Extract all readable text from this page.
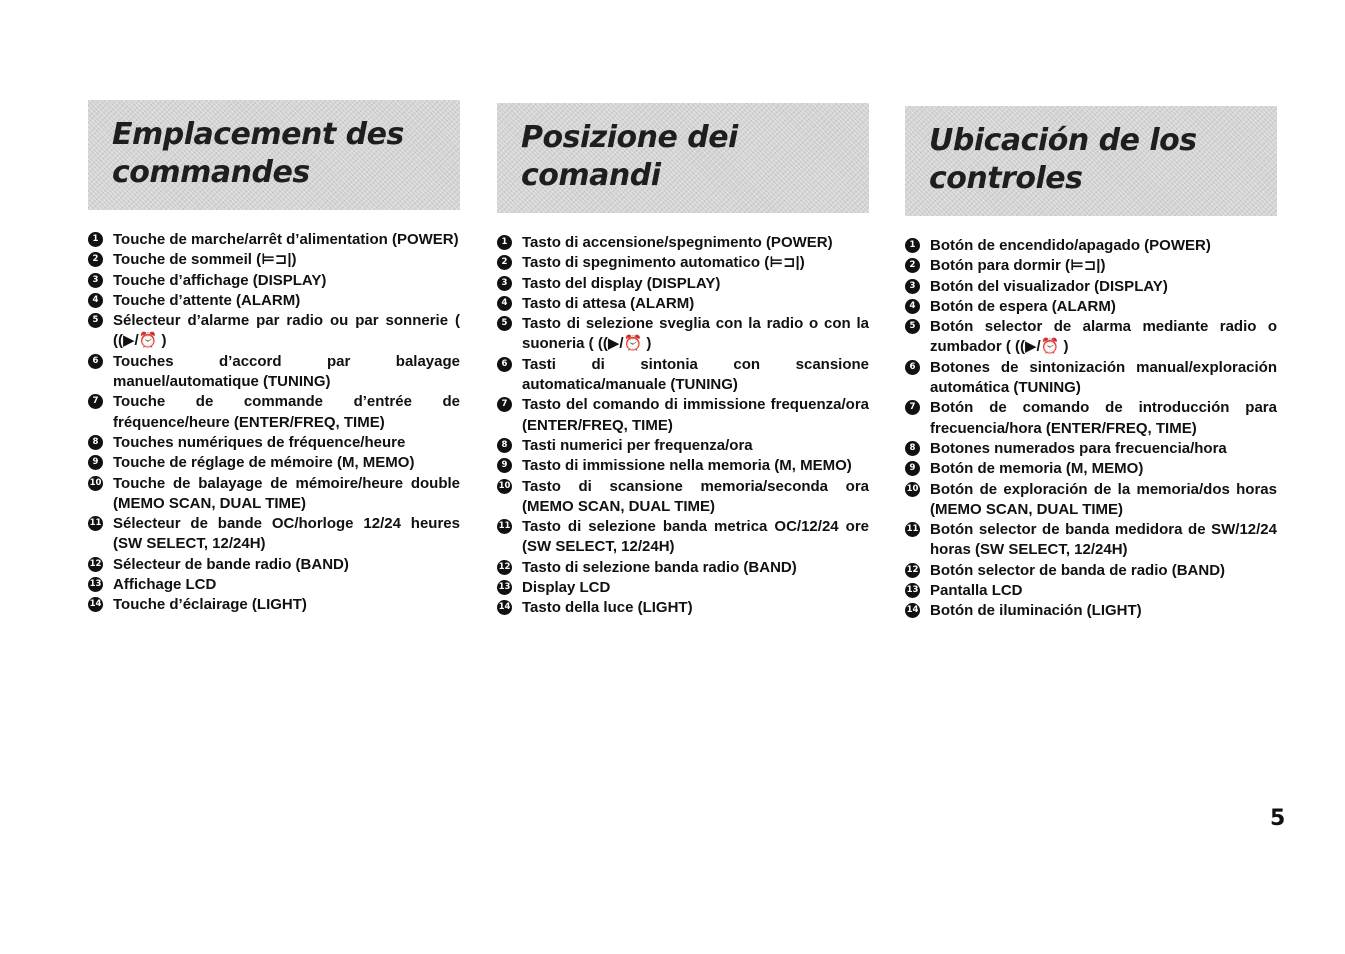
Emplacement des
commandes
1 Touche de marche/arrêt d’alimentation (POWER)
2 Touche de sommeil (⊨⊐|)
3 Touche d’affichage (DISPLAY)
4 Touche d’attente (ALARM)
5 Sélecteur d’alarme par radio ou par sonnerie ( ((▶/⏰ )
6 Touches d’accord par balayage manuel/automatique (TUNING)
7 Touche de commande d’entrée de fréquence/heure (ENTER/FREQ, TIME)
8 Touches numériques de fréquence/heure
9 Touche de réglage de mémoire (M, MEMO)
10 Touche de balayage de mémoire/heure double (MEMO SCAN, DUAL TIME)
11 Sélecteur de bande OC/horloge 12/24 heures (SW SELECT, 12/24H)
12 Sélecteur de bande radio (BAND)
13 Affichage LCD
14 Touche d’éclairage (LIGHT)
Posizione dei
comandi
1 Tasto di accensione/spegnimento (POWER)
2 Tasto di spegnimento automatico (⊨⊐|)
3 Tasto del display (DISPLAY)
4 Tasto di attesa (ALARM)
5 Tasto di selezione sveglia con la radio o con la suoneria ( ((▶/⏰ )
6 Tasti di sintonia con scansione automatica/manuale (TUNING)
7 Tasto del comando di immissione frequenza/ora (ENTER/FREQ, TIME)
8 Tasti numerici per frequenza/ora
9 Tasto di immissione nella memoria (M, MEMO)
10 Tasto di scansione memoria/seconda ora (MEMO SCAN, DUAL TIME)
11 Tasto di selezione banda metrica OC/12/24 ore (SW SELECT, 12/24H)
12 Tasto di selezione banda radio (BAND)
13 Display LCD
14 Tasto della luce (LIGHT)
Ubicación de los
controles
1 Botón de encendido/apagado (POWER)
2 Botón para dormir (⊨⊐|)
3 Botón del visualizador (DISPLAY)
4 Botón de espera (ALARM)
5 Botón selector de alarma mediante radio o zumbador ( ((▶/⏰ )
6 Botones de sintonización manual/exploración automática (TUNING)
7 Botón de comando de introducción para frecuencia/hora (ENTER/FREQ, TIME)
8 Botones numerados para frecuencia/hora
9 Botón de memoria (M, MEMO)
10 Botón de exploración de la memoria/dos horas (MEMO SCAN, DUAL TIME)
11 Botón selector de banda medidora de SW/12/24 horas (SW SELECT, 12/24H)
12 Botón selector de banda de radio (BAND)
13 Pantalla LCD
14 Botón de iluminación (LIGHT)
5
